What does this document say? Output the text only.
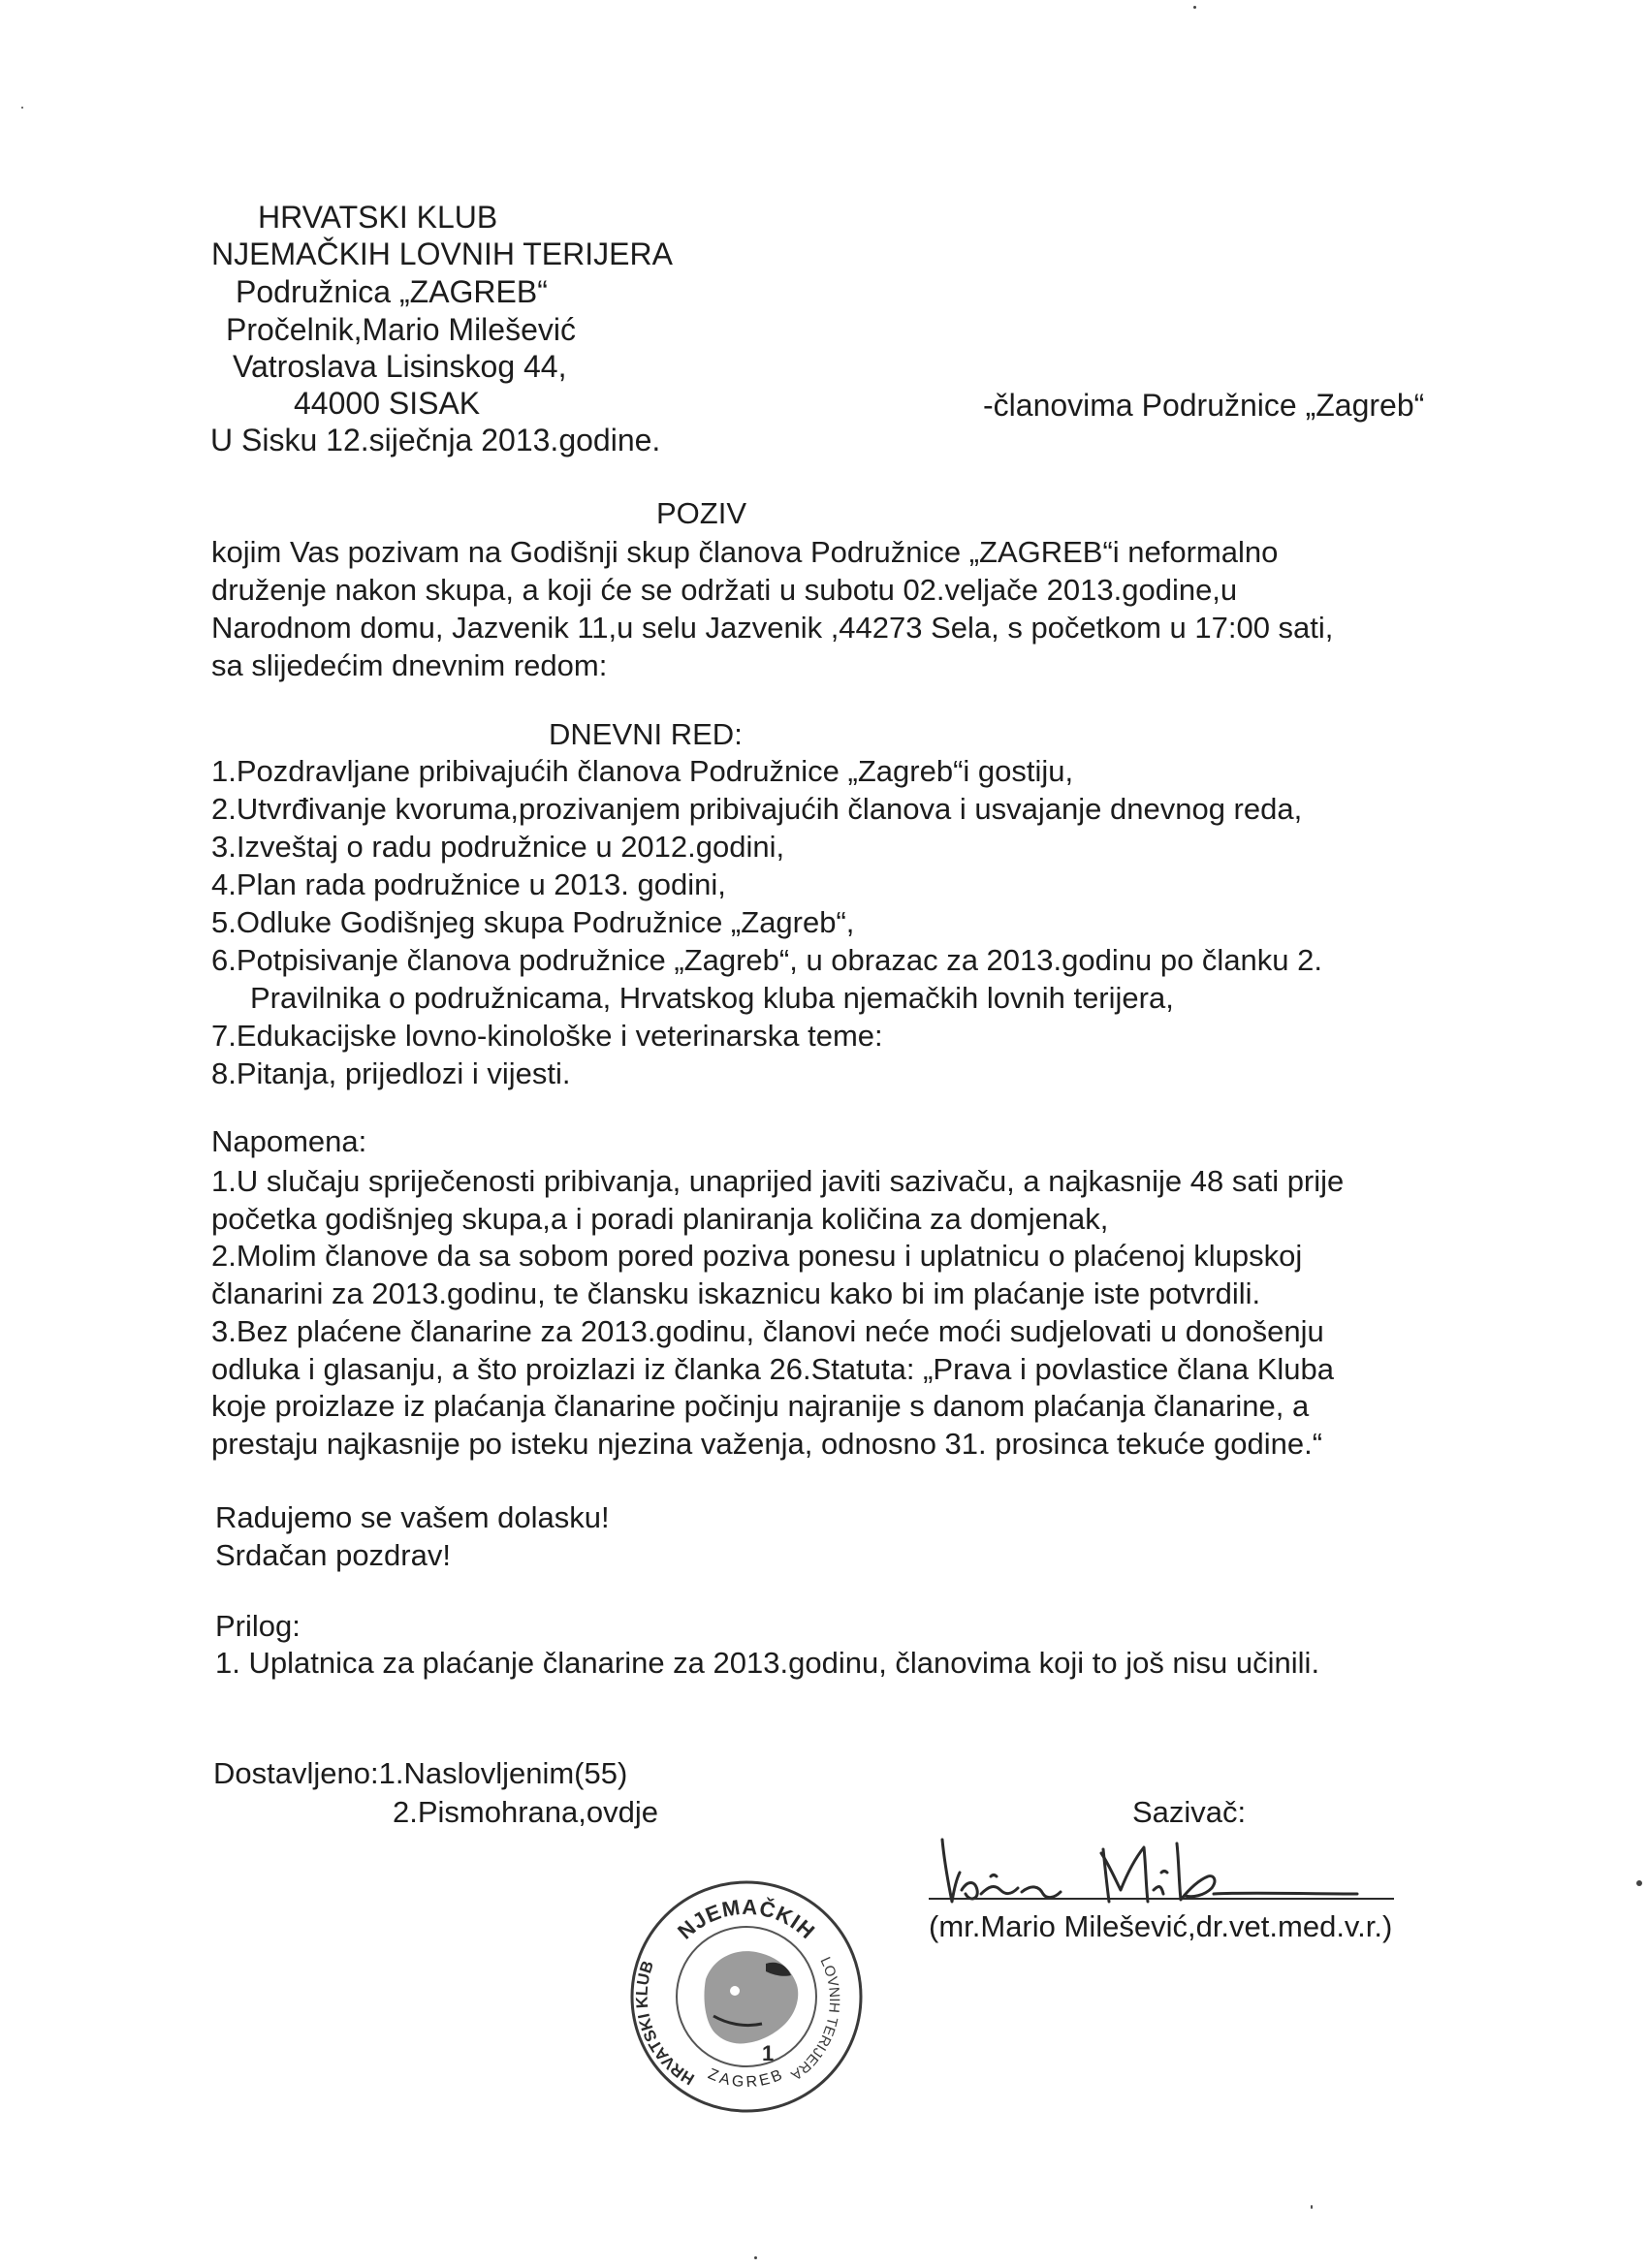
HRVATSKI KLUB
NJEMAČKIH LOVNIH TERIJERA
Podružnica „ZAGREB“
Pročelnik,Mario Milešević
Vatroslava Lisinskog 44,
44000 SISAK
U Sisku 12.siječnja 2013.godine.
-članovima Podružnice „Zagreb“
POZIV
kojim Vas pozivam na Godišnji skup članova Podružnice „ZAGREB“i neformalno
druženje nakon skupa, a koji će se održati u subotu 02.veljače 2013.godine,u
Narodnom domu, Jazvenik 11,u selu Jazvenik ,44273 Sela, s početkom u 17:00 sati,
sa slijedećim dnevnim redom:
DNEVNI RED:
1.Pozdravljane pribivajućih članova Podružnice „Zagreb“i gostiju,
2.Utvrđivanje kvoruma,prozivanjem pribivajućih članova i usvajanje dnevnog reda,
3.Izveštaj o radu podružnice u 2012.godini,
4.Plan rada podružnice u 2013. godini,
5.Odluke Godišnjeg skupa Podružnice „Zagreb“,
6.Potpisivanje članova podružnice „Zagreb“, u obrazac za 2013.godinu po članku 2.
Pravilnika o podružnicama, Hrvatskog kluba njemačkih lovnih terijera,
7.Edukacijske lovno-kinološke i veterinarska teme:
8.Pitanja, prijedlozi i vijesti.
Napomena:
1.U slučaju spriječenosti pribivanja, unaprijed javiti sazivaču, a najkasnije 48 sati prije
početka godišnjeg skupa,a i poradi planiranja količina za domjenak,
2.Molim članove da sa sobom pored poziva ponesu i uplatnicu o plaćenoj klupskoj
članarini za 2013.godinu, te člansku iskaznicu kako bi im plaćanje iste potvrdili.
3.Bez plaćene članarine za 2013.godinu, članovi neće moći sudjelovati u donošenju
odluka i glasanju, a što proizlazi iz članka 26.Statuta: „Prava i povlastice člana Kluba
koje proizlaze iz plaćanja članarine počinju najranije s danom plaćanja članarine, a
prestaju najkasnije po isteku njezina važenja, odnosno 31. prosinca tekuće godine.“
Radujemo se vašem dolasku!
Srdačan pozdrav!
Prilog:
1. Uplatnica za plaćanje članarine za 2013.godinu, članovima koji to još nisu učinili.
Dostavljeno:1.Naslovljenim(55)
2.Pismohrana,ovdje	Sazivač:
(mr.Mario Milešević,dr.vet.med.v.r.)
NJEMAČKIH
HRVATSKI KLUB	LOVNIH TERIJERA
ZAGREB
1
